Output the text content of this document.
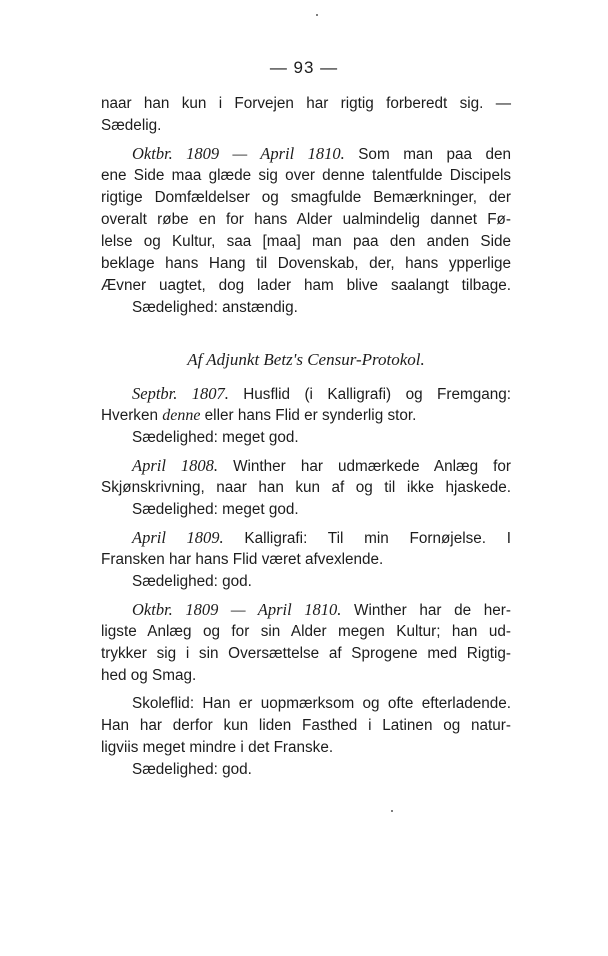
— 93 —
naar han kun i Forvejen har rigtig forberedt sig. —
Sædelig.
Oktbr. 1809 — April 1810. Som man paa den
ene Side maa glæde sig over denne talentfulde Discipels
rigtige Domfældelser og smagfulde Bemærkninger, der
overalt røbe en for hans Alder ualmindelig dannet Fø-
lelse og Kultur, saa [maa] man paa den anden Side
beklage hans Hang til Dovenskab, der, hans ypperlige
Ævner uagtet, dog lader ham blive saalangt tilbage.
Sædelighed: anstændig.
Af Adjunkt Betz's Censur-Protokol.
Septbr. 1807. Husflid (i Kalligrafi) og Fremgang:
Hverken denne eller hans Flid er synderlig stor.
Sædelighed: meget god.
April 1808. Winther har udmærkede Anlæg for
Skjønskrivning, naar han kun af og til ikke hjaskede.
Sædelighed: meget god.
April 1809. Kalligrafi: Til min Fornøjelse. I
Fransken har hans Flid været afvexlende.
Sædelighed: god.
Oktbr. 1809 — April 1810. Winther har de her-
ligste Anlæg og for sin Alder megen Kultur; han ud-
trykker sig i sin Oversættelse af Sprogene med Rigtig-
hed og Smag.
Skoleflid: Han er uopmærksom og ofte efterladende.
Han har derfor kun liden Fasthed i Latinen og natur-
ligviis meget mindre i det Franske.
Sædelighed: god.
